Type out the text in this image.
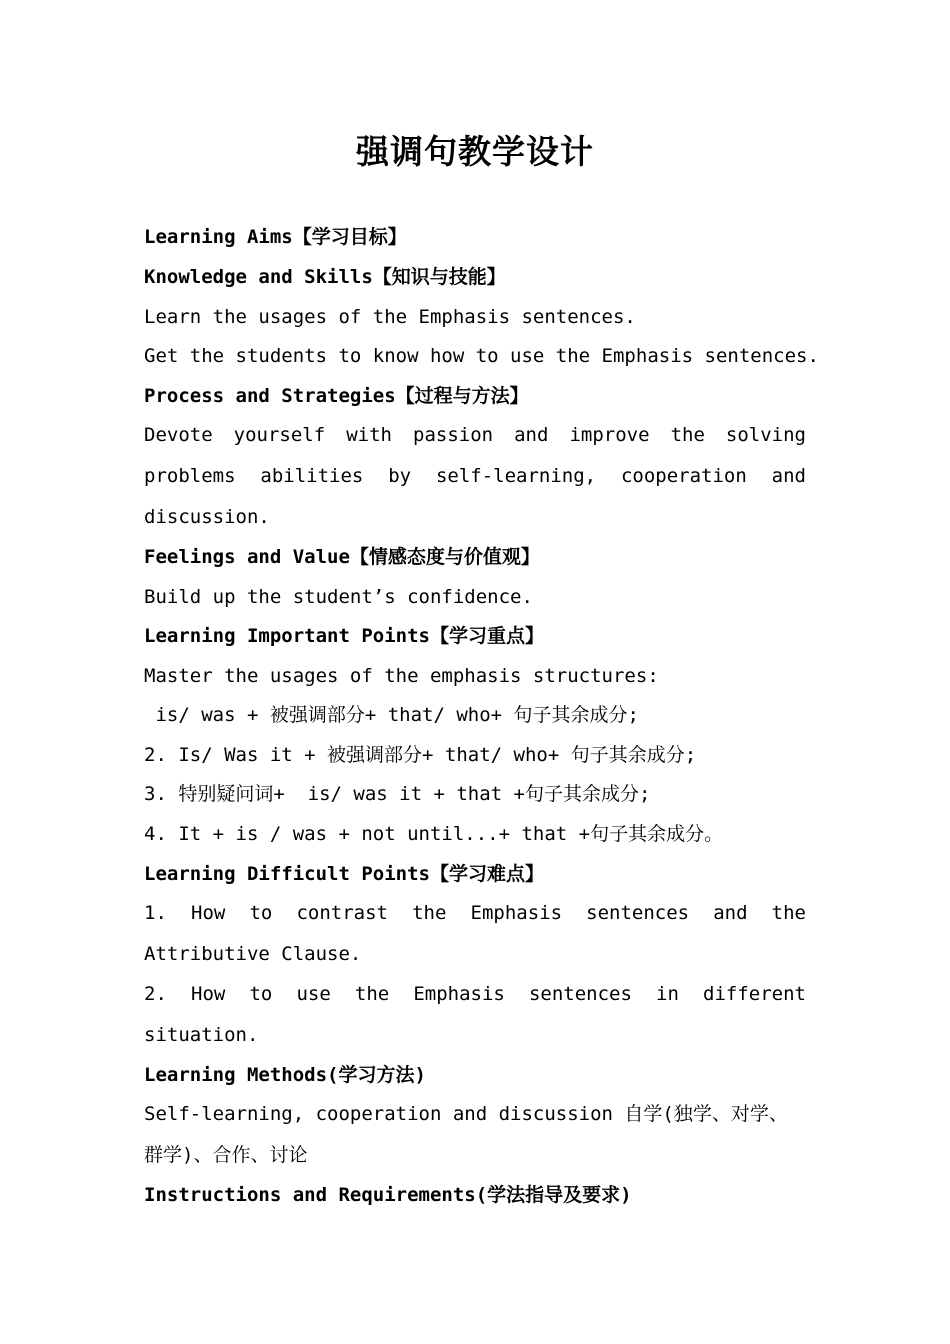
强调句教学设计

Learning Aims【学习目标】

Knowledge and Skills【知识与技能】

Learn the usages of the Emphasis sentences.

Get the students to know how to use the Emphasis sentences.

Process and Strategies【过程与方法】

Devote yourself with passion and improve the solving

problems abilities by self-learning, cooperation and

discussion.

Feelings and Value【情感态度与价值观】

Build up the student’s confidence.

Learning Important Points【学习重点】

Master the usages of the emphasis structures:

is/ was + 被强调部分+ that/ who+ 句子其余成分;

2. Is/ Was it + 被强调部分+ that/ who+ 句子其余成分;

3. 特别疑问词+  is/ was it + that +句子其余成分;

4. It + is / was + not until...+ that +句子其余成分。

Learning Difficult Points【学习难点】

1. How to contrast the Emphasis sentences and the

Attributive Clause.

2. How to use the Emphasis sentences in different

situation.

Learning Methods(学习方法)

Self-learning, cooperation and discussion 自学(独学、对学、

群学)、合作、讨论

Instructions and Requirements(学法指导及要求)
